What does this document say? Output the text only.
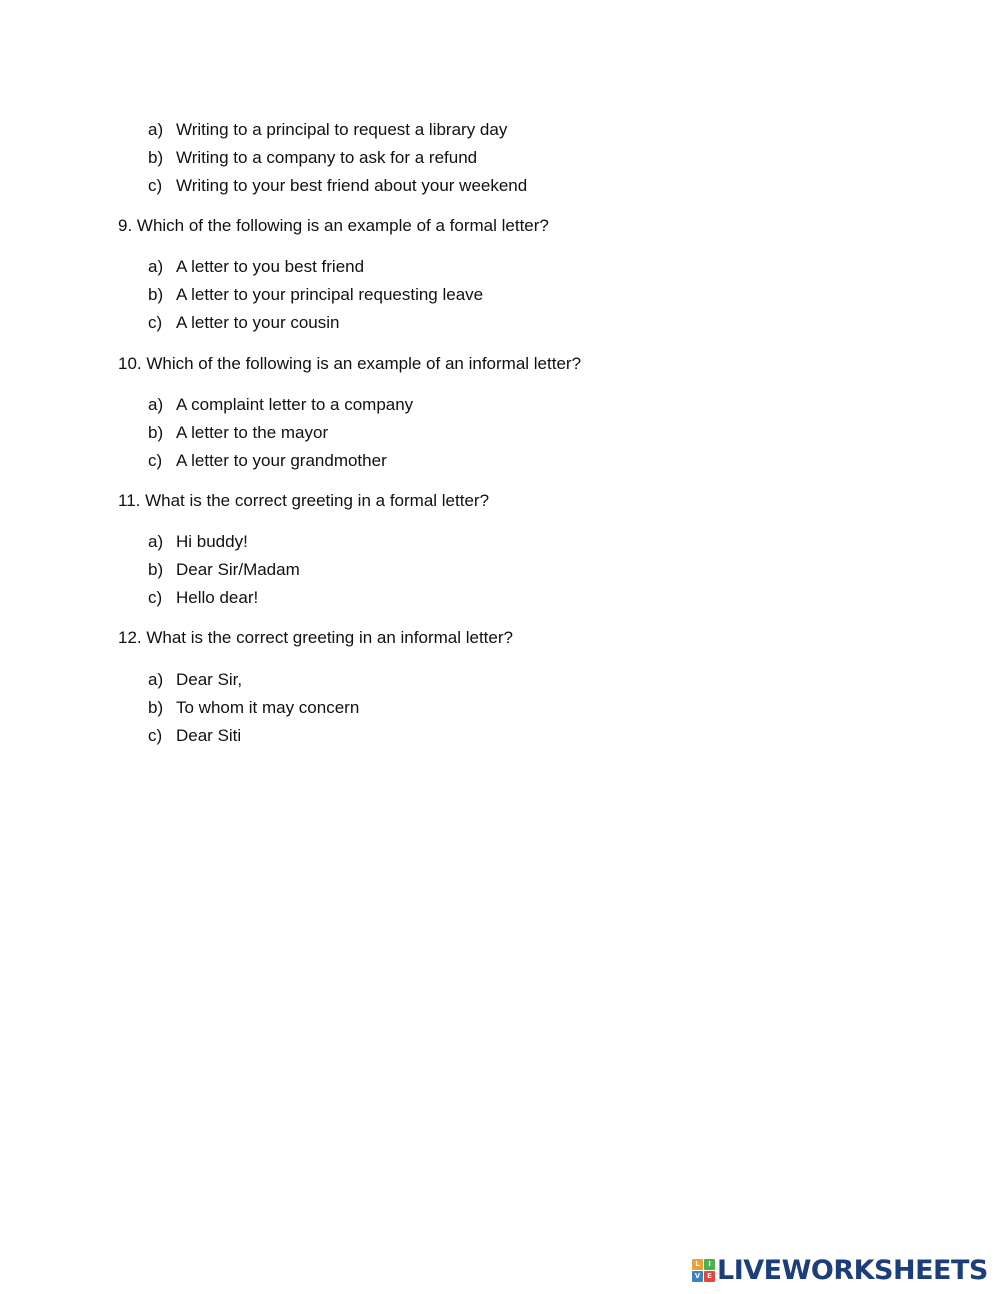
a) Writing to a principal to request a library day
b) Writing to a company to ask for a refund
c) Writing to your best friend about your weekend
9. Which of the following is an example of a formal letter?
a) A letter to you best friend
b) A letter to your principal requesting leave
c) A letter to your cousin
10. Which of the following is an example of an informal letter?
a) A complaint letter to a company
b) A letter to the mayor
c) A letter to your grandmother
11. What is the correct greeting in a formal letter?
a) Hi buddy!
b) Dear Sir/Madam
c) Hello dear!
12. What is the correct greeting in an informal letter?
a) Dear Sir,
b) To whom it may concern
c) Dear Siti
L	I
V E LIVEWORKSHEETS
